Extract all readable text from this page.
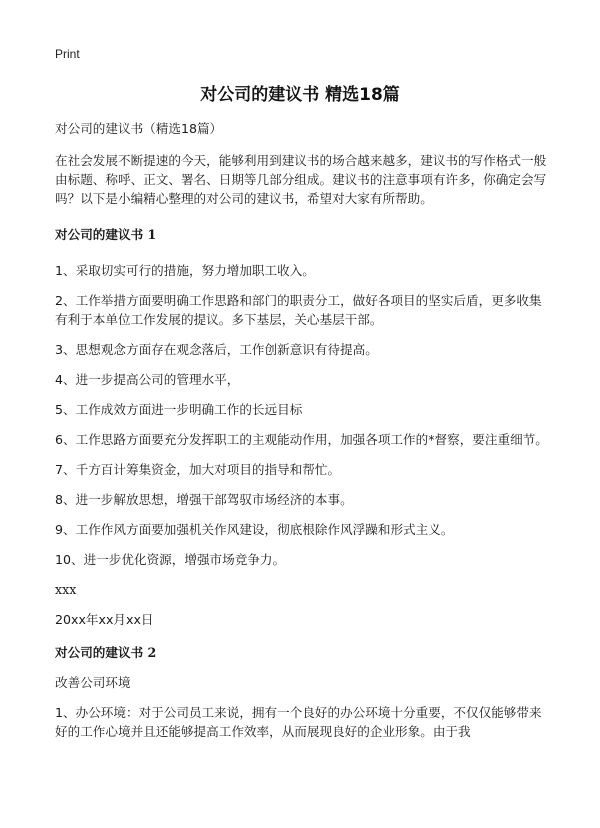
Print
对公司的建议书 精选18篇

对公司的建议书（精选18篇）

在社会发展不断提速的今天，能够利用到建议书的场合越来越多，建议书的写作格式一般由标题、称呼、正文、署名、日期等几部分组成。建议书的注意事项有许多，你确定会写吗？以下是小编精心整理的对公司的建议书，希望对大家有所帮助。

对公司的建议书 1

1、采取切实可行的措施，努力增加职工收入。

2、工作举措方面要明确工作思路和部门的职责分工，做好各项目的坚实后盾，更多收集有利于本单位工作发展的提议。多下基层，关心基层干部。

3、思想观念方面存在观念落后，工作创新意识有待提高。

4、进一步提高公司的管理水平，

5、工作成效方面进一步明确工作的长远目标

6、工作思路方面要充分发挥职工的主观能动作用，加强各项工作的*督察，要注重细节。

7、千方百计筹集资金，加大对项目的指导和帮忙。

8、进一步解放思想，增强干部驾驭市场经济的本事。

9、工作作风方面要加强机关作风建设，彻底根除作风浮躁和形式主义。

10、进一步优化资源，增强市场竞争力。

xxx

20xx年xx月xx日

对公司的建议书 2

改善公司环境

1、办公环境：对于公司员工来说，拥有一个良好的办公环境十分重要，不仅仅能够带来好的工作心境并且还能够提高工作效率，从而展现良好的企业形象。由于我
